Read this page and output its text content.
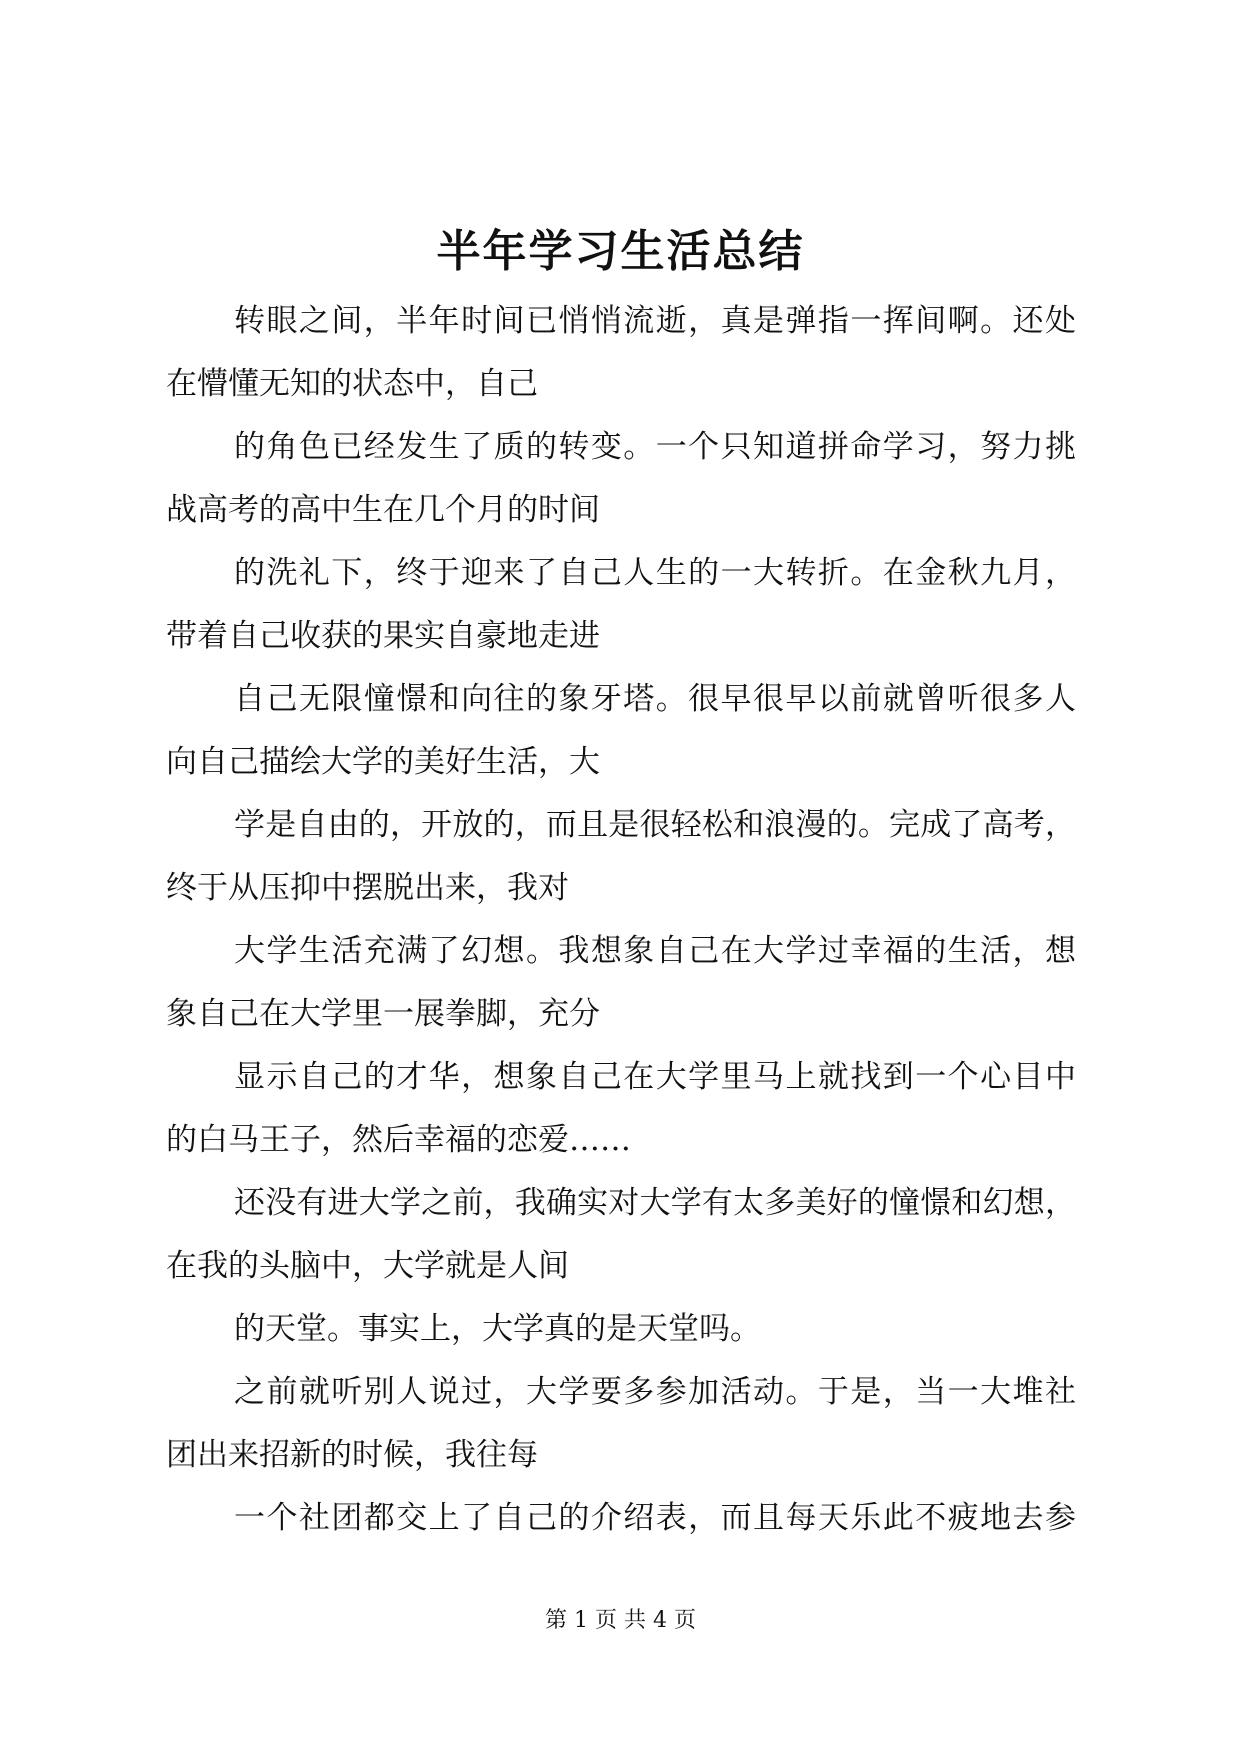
半年学习生活总结

转眼之间，半年时间已悄悄流逝，真是弹指一挥间啊。还处
在懵懂无知的状态中，自己

的角色已经发生了质的转变。一个只知道拼命学习，努力挑
战高考的高中生在几个月的时间

的洗礼下，终于迎来了自己人生的一大转折。在金秋九月，
带着自己收获的果实自豪地走进

自己无限憧憬和向往的象牙塔。很早很早以前就曾听很多人
向自己描绘大学的美好生活，大

学是自由的，开放的，而且是很轻松和浪漫的。完成了高考，
终于从压抑中摆脱出来，我对

大学生活充满了幻想。我想象自己在大学过幸福的生活，想
象自己在大学里一展拳脚，充分

显示自己的才华，想象自己在大学里马上就找到一个心目中
的白马王子，然后幸福的恋爱……

还没有进大学之前，我确实对大学有太多美好的憧憬和幻想，
在我的头脑中，大学就是人间

的天堂。事实上，大学真的是天堂吗。

之前就听别人说过，大学要多参加活动。于是，当一大堆社
团出来招新的时候，我往每

一个社团都交上了自己的介绍表，而且每天乐此不疲地去参

第 1 页 共 4 页
